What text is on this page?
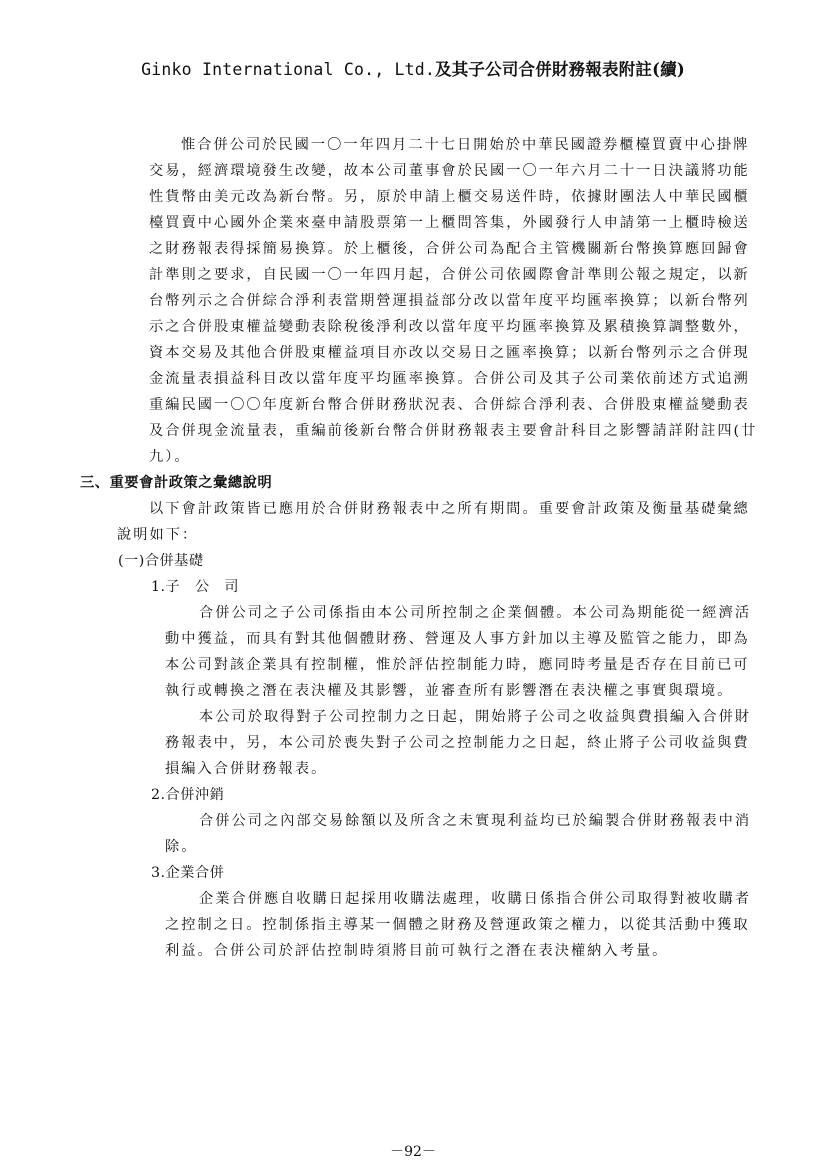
Ginko International Co., Ltd.及其子公司合併財務報表附註(續)
惟合併公司於民國一〇一年四月二十七日開始於中華民國證券櫃檯買賣中心掛牌
交易，經濟環境發生改變，故本公司董事會於民國一〇一年六月二十一日決議將功能
性貨幣由美元改為新台幣。另，原於申請上櫃交易送件時，依據財團法人中華民國櫃
檯買賣中心國外企業來臺申請股票第一上櫃問答集，外國發行人申請第一上櫃時檢送
之財務報表得採簡易換算。於上櫃後，合併公司為配合主管機關新台幣換算應回歸會
計準則之要求，自民國一〇一年四月起，合併公司依國際會計準則公報之規定，以新
台幣列示之合併綜合淨利表當期營運損益部分改以當年度平均匯率換算；以新台幣列
示之合併股東權益變動表除稅後淨利改以當年度平均匯率換算及累積換算調整數外，
資本交易及其他合併股東權益項目亦改以交易日之匯率換算；以新台幣列示之合併現
金流量表損益科目改以當年度平均匯率換算。合併公司及其子公司業依前述方式追溯
重編民國一〇〇年度新台幣合併財務狀況表、合併綜合淨利表、合併股東權益變動表
及合併現金流量表，重編前後新台幣合併財務報表主要會計科目之影響請詳附註四(廿
九）。
三、重要會計政策之彙總說明
以下會計政策皆已應用於合併財務報表中之所有期間。重要會計政策及衡量基礎彙總
說明如下：
(一)合併基礎
1.子　公　司
合併公司之子公司係指由本公司所控制之企業個體。本公司為期能從一經濟活
動中獲益，而具有對其他個體財務、營運及人事方針加以主導及監管之能力，即為
本公司對該企業具有控制權，惟於評估控制能力時，應同時考量是否存在目前已可
執行或轉換之潛在表決權及其影響，並審查所有影響潛在表決權之事實與環境。
本公司於取得對子公司控制力之日起，開始將子公司之收益與費損編入合併財
務報表中，另，本公司於喪失對子公司之控制能力之日起，終止將子公司收益與費
損編入合併財務報表。
2.合併沖銷
合併公司之內部交易餘額以及所含之未實現利益均已於編製合併財務報表中消
除。
3.企業合併
企業合併應自收購日起採用收購法處理，收購日係指合併公司取得對被收購者
之控制之日。控制係指主導某一個體之財務及營運政策之權力，以從其活動中獲取
利益。合併公司於評估控制時須將目前可執行之潛在表決權納入考量。
－92－
